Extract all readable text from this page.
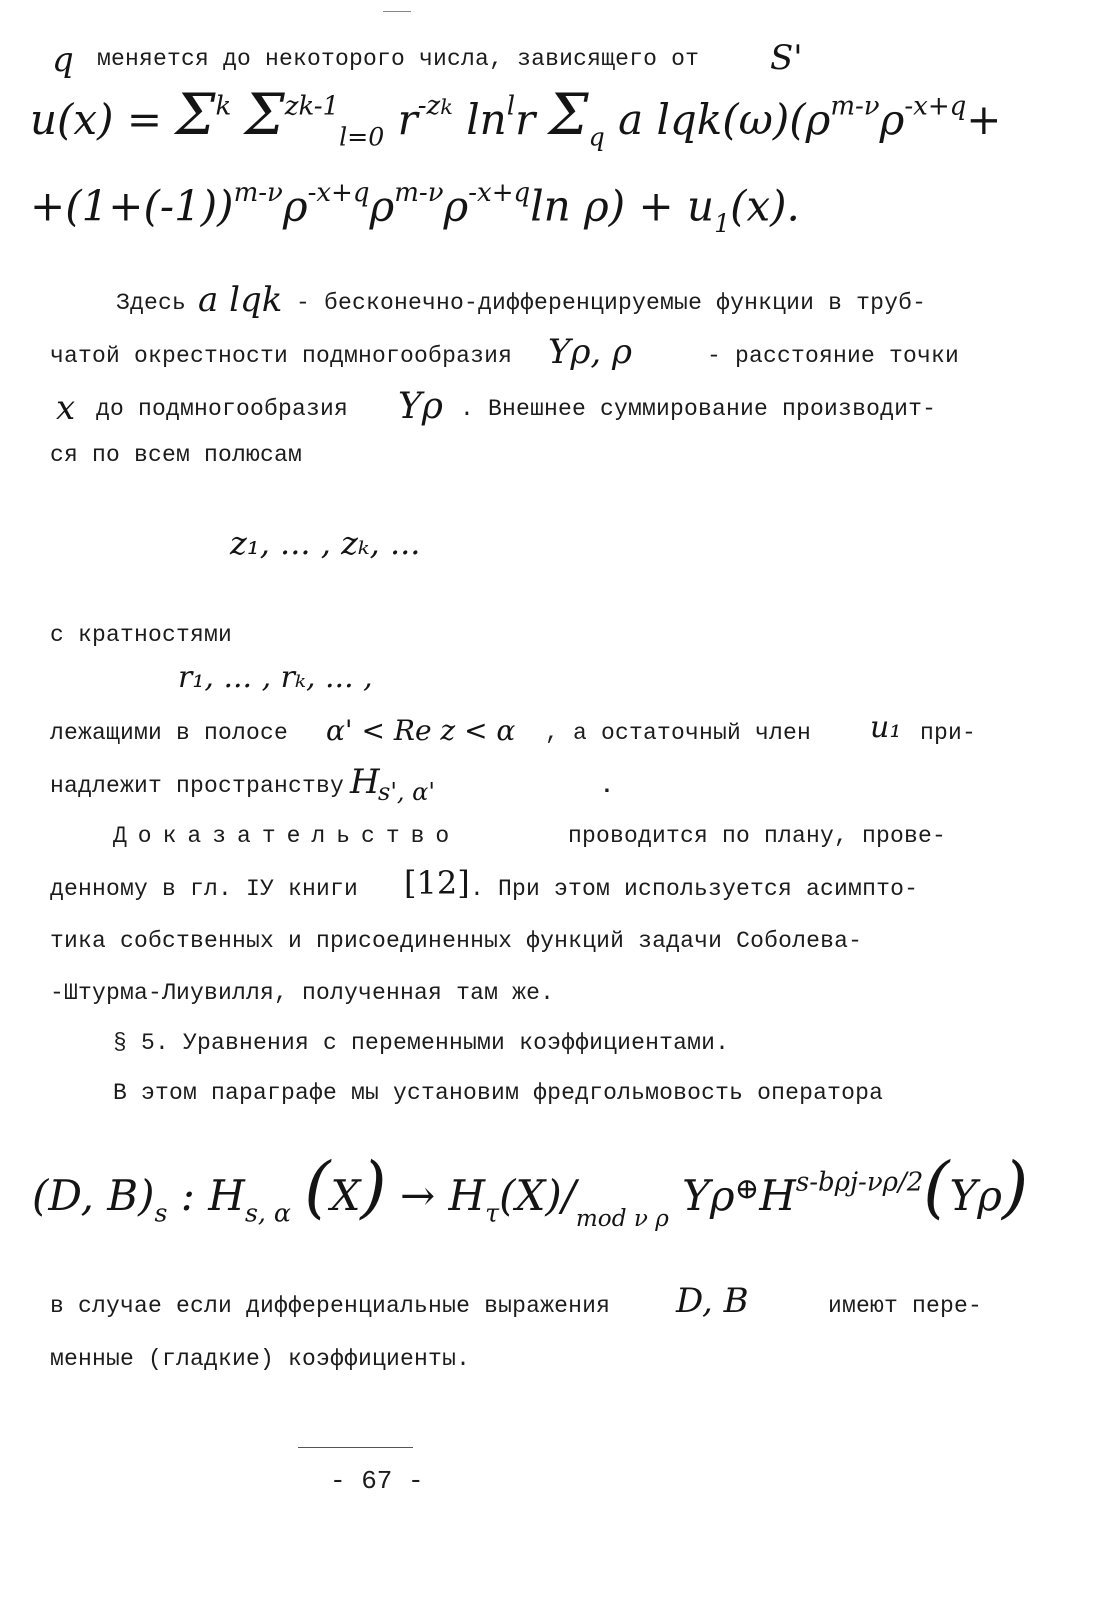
q меняется до некоторого числа, зависящего от S'
$u(x) = \Sigma^k$ $\Sigma^{zk-1}_{l=0}$ $r^{-zk}$ $\ln^lr$ $\Sigma_q$ a $lqk(\omega)(\rho^{m-\nu}\rho^{-x+q}+$
$+(1+(-1))^{m-\nu}\rho^{-x+q}\rho^{m-\nu}\rho^{-x+q}\ln$ $\rho) + u_1(x)$.
Здесь a lqk - бесконечно-дифференцируемые функции в труб-
чатой окрестности подмногообразия Yρ, ρ	- расстояние точки
x до подмногообразия Yρ . Внешнее суммирование производит-
ся по всем полюсам
z₁, ... , zₖ, ...
с кратностями
r₁, ... , rₖ, ... ,
лежащими в полосе α' < Re z < α , а остаточный член u₁ при-
надлежит пространству H
s', α'	.
Доказательство	проводится по плану, прове-
денному в гл. IУ книги [12] . При этом используется асимпто-
тика собственных и присоединенных функций задачи Соболева-
-Штурма-Лиувилля, полученная там же.
§ 5. Уравнения с переменными коэффициентами.
В этом параграфе мы установим фредгольмовость оператора
(D, $B)_s$ : $H_{s, \alpha}$ $(X) \to H_\tau(X)/_{mod \nu \rho}$ $Y\rho^\oplus H^{s-b\rho j-\nu\rho/2}(Y\rho)$
в случае если дифференциальные выражения D, B	имеют пере-
менные (гладкие) коэффициенты.
- 67 -
